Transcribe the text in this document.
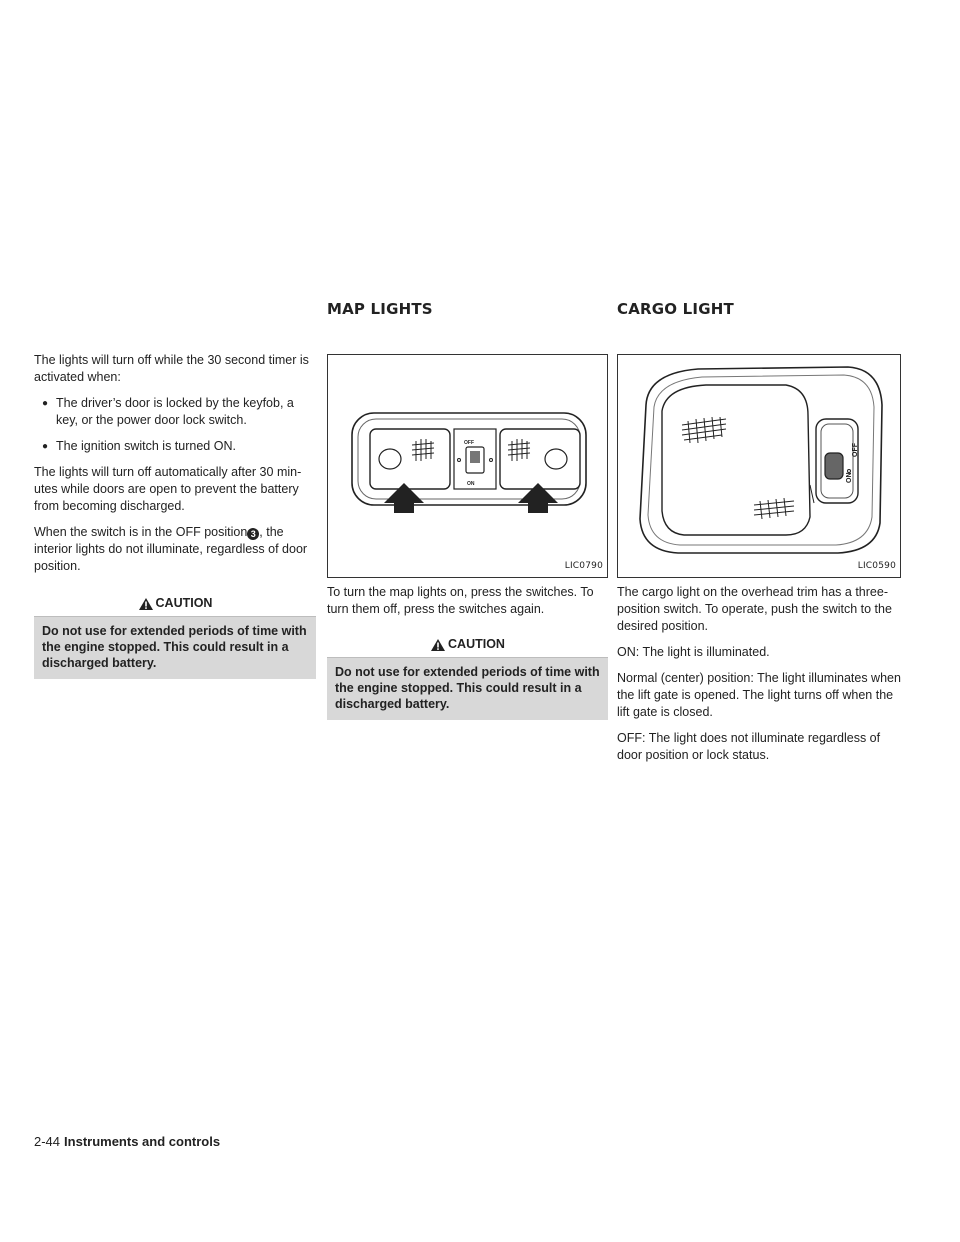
MAP LIGHTS	CARGO LIGHT

The lights will turn off while the 30 second timer is activated when:

● The driver’s door is locked by the keyfob, a key, or the power door lock switch.
● The ignition switch is turned ON.

The lights will turn off automatically after 30 min- utes while doors are open to prevent the battery from becoming discharged.

When the switch is in the OFF position 3 , the interior lights do not illuminate, regardless of door position.

CAUTION
Do not use for extended periods of time with the engine stopped. This could result in a discharged battery.
OFF
ON
LIC0790

To turn the map lights on, press the switches. To turn them off, press the switches again.

CAUTION
Do not use for extended periods of time with the engine stopped. This could result in a discharged battery.
ON
OFF
LIC0590

The cargo light on the overhead trim has a three- position switch. To operate, push the switch to the desired position.

ON: The light is illuminated.

Normal (center) position: The light illuminates when the lift gate is opened. The light turns off when the lift gate is closed.

OFF: The light does not illuminate regardless of door position or lock status.

2-44 Instruments and controls
